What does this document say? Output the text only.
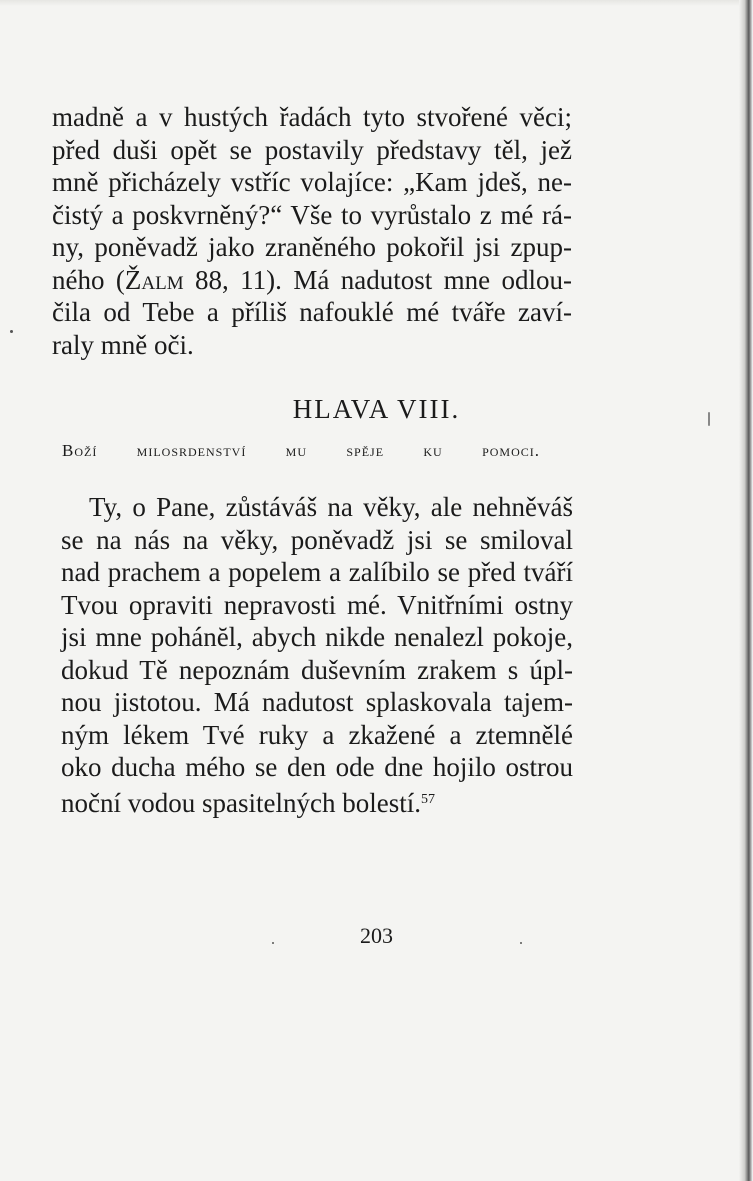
madně a v hustých řadách tyto stvořené věci;
před duši opět se postavily představy těl, jež
mně přicházely vstříc volajíce: „Kam jdeš, ne-
čistý a poskvrněný?“ Vše to vyrůstalo z mé rá-
ny, poněvadž jako zraněného pokořil jsi zpup-
ného (Žalm 88, 11). Má nadutost mne odlou-
čila od Tebe a příliš nafouklé mé tváře zaví-
raly mně oči.
HLAVA VIII.
Boží milosrdenství mu spěje ku pomoci.
Ty, o Pane, zůstáváš na věky, ale nehněváš
se na nás na věky, poněvadž jsi se smiloval
nad prachem a popelem a zalíbilo se před tváří
Tvou opraviti nepravosti mé. Vnitřními ostny
jsi mne pohánĕl, abych nikde nenalezl pokoje,
dokud Tě nepoznám duševním zrakem s úpl-
nou jistotou. Má nadutost splaskovala tajem-
ným lékem Tvé ruky a zkažené a ztemnělé
oko ducha mého se den ode dne hojilo ostrou
noční vodou spasitelných bolestí.$^{57}$
203
